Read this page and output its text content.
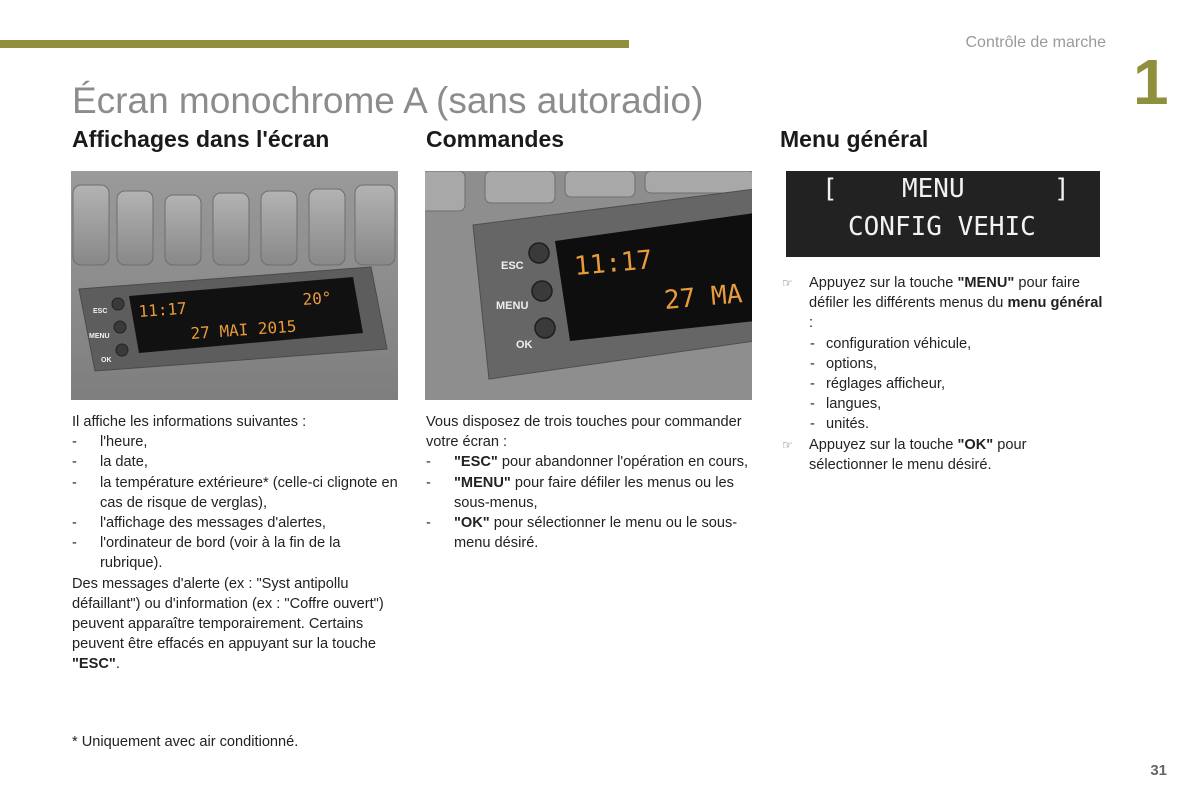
Contrôle de marche
1
Écran monochrome A (sans autoradio)
Affichages dans l'écran	Commandes	Menu général
11:17
20°
27 MAI 2015
ESC
MENU
OK
11:17
27 MA
ESC
MENU
OK
[ MENU	]
CONFIG VEHIC

Il affiche les informations suivantes :

- l'heure,
- la date,
- la température extérieure* (celle-ci clignote en cas de risque de verglas),
- l'affichage des messages d'alertes,
- l'ordinateur de bord (voir à la fin de la rubrique).

Des messages d'alerte (ex : "Syst antipollu défaillant") ou d'information (ex : "Coffre ouvert") peuvent apparaître temporairement. Certains peuvent être effacés en appuyant sur la touche "ESC".

Vous disposez de trois touches pour commander votre écran :

- "ESC" pour abandonner l'opération en cours,
- "MENU" pour faire défiler les menus ou les sous-menus,
- "OK" pour sélectionner le menu ou le sous-menu désiré.
☞ Appuyez sur la touche "MENU" pour faire défiler les différents menus du menu général :
- configuration véhicule,
- options,
- réglages afficheur,
- langues,
- unités.
☞ Appuyez sur la touche "OK" pour sélectionner le menu désiré.
* Uniquement avec air conditionné.
31
